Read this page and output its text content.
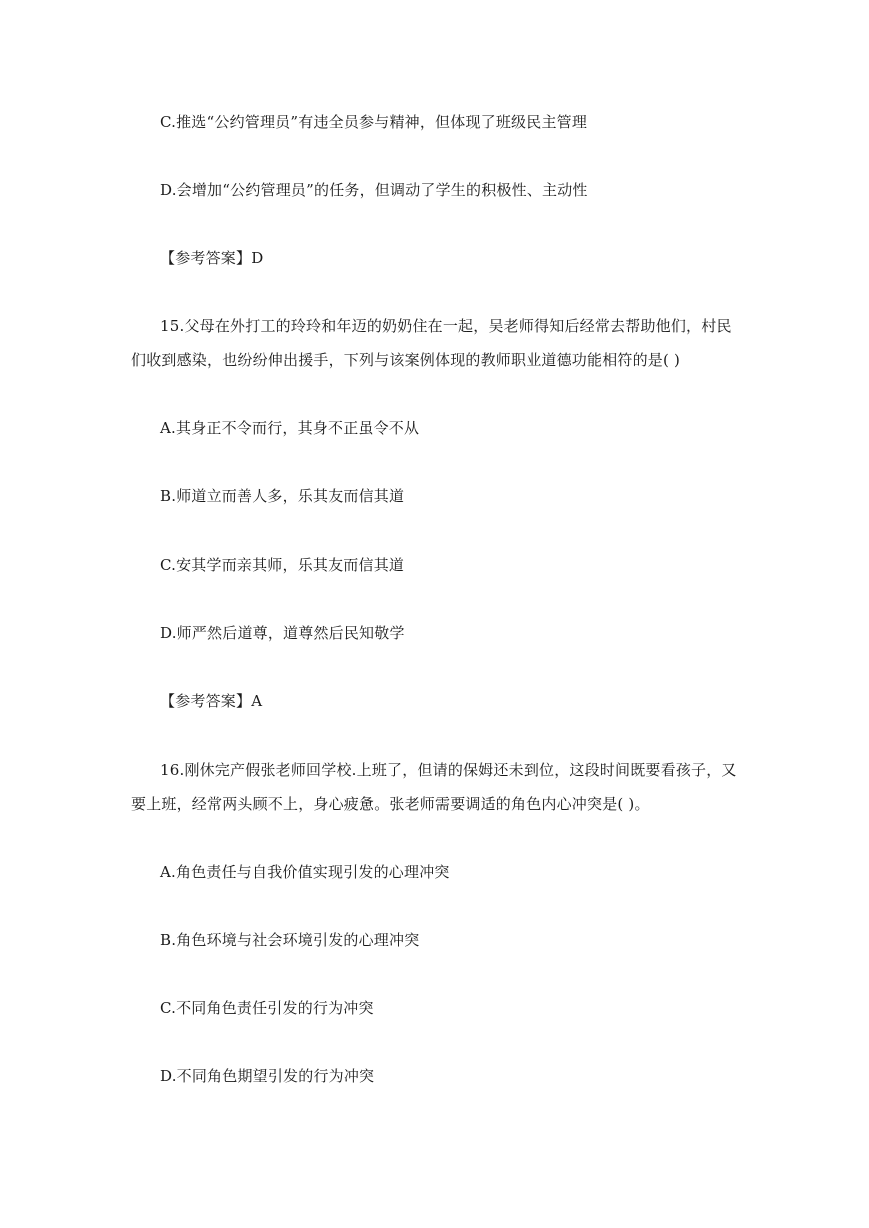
C.推选“公约管理员”有违全员参与精神，但体现了班级民主管理
D.会增加“公约管理员”的任务，但调动了学生的积极性、主动性
【参考答案】D
15.父母在外打工的玲玲和年迈的奶奶住在一起，吴老师得知后经常去帮助他们，村民
们收到感染，也纷纷伸出援手，下列与该案例体现的教师职业道德功能相符的是( )
A.其身正不令而行，其身不正虽令不从
B.师道立而善人多，乐其友而信其道
C.安其学而亲其师，乐其友而信其道
D.师严然后道尊，道尊然后民知敬学
【参考答案】A
16.刚休完产假张老师回学校.上班了，但请的保姆还未到位，这段时间既要看孩子，又
要上班，经常两头顾不上，身心疲惫。张老师需要调适的角色内心冲突是( )。
A.角色责任与自我价值实现引发的心理冲突
B.角色环境与社会环境引发的心理冲突
C.不同角色责任引发的行为冲突
D.不同角色期望引发的行为冲突
